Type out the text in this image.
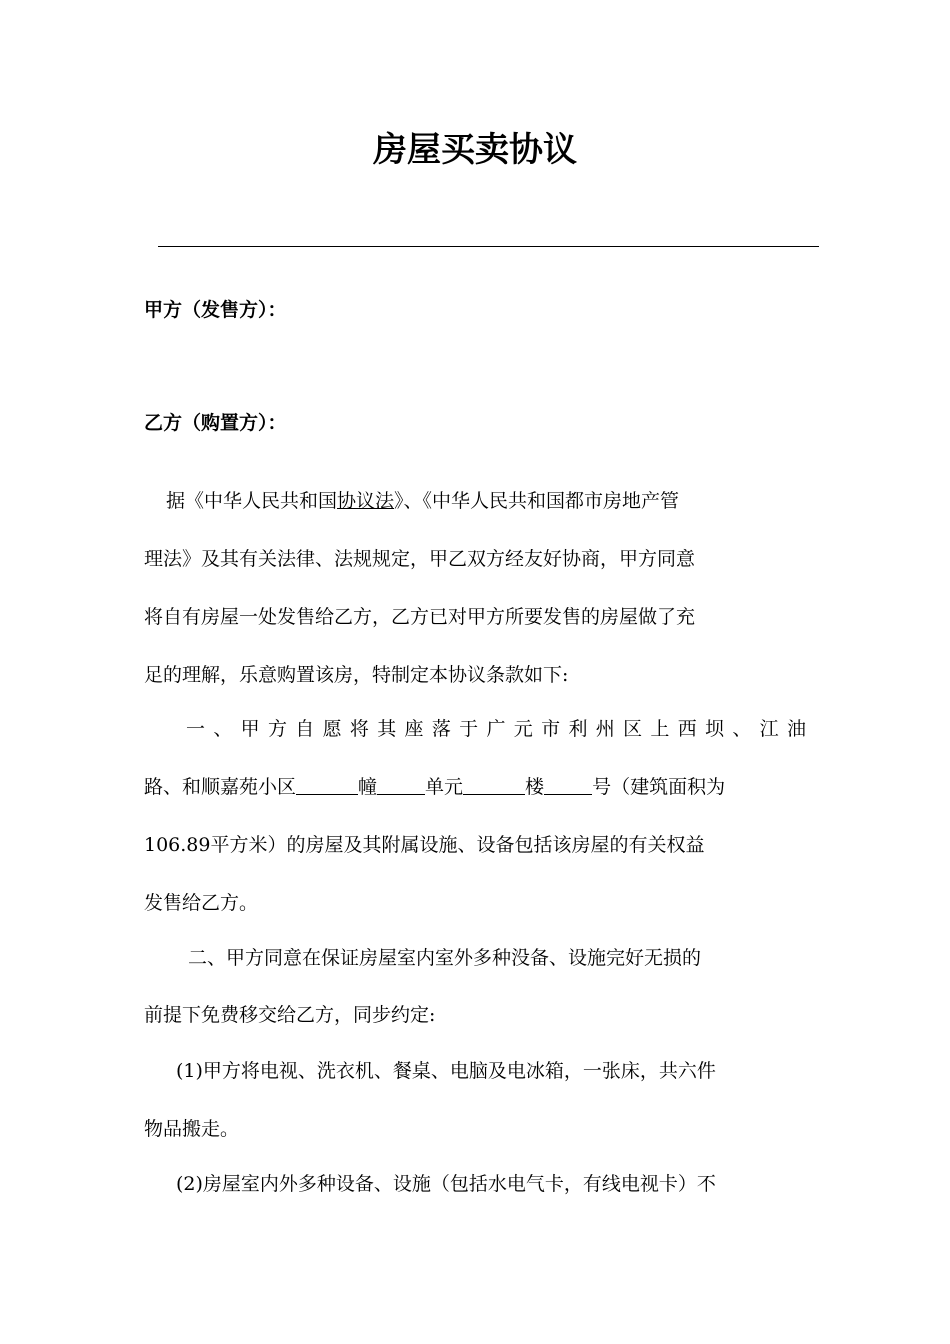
房屋买卖协议
甲方（发售方）：
乙方（购置方）：
据《中华人民共和国协议法》、《中华人民共和国都市房地产管
理法》及其有关法律、法规规定，甲乙双方经友好协商，甲方同意
将自有房屋一处发售给乙方，乙方已对甲方所要发售的房屋做了充
足的理解，乐意购置该房，特制定本协议条款如下:
一、甲方自愿将其座落于广元市利州区上西坝、江油
路、和顺嘉苑小区	幢	单元	楼	号（建筑面积为
106.89平方米）的房屋及其附属设施、设备包括该房屋的有关权益
发售给乙方。
二、甲方同意在保证房屋室内室外多种没备、设施完好无损的
前提下免费移交给乙方，同步约定:
(1)甲方将电视、洗衣机、餐桌、电脑及电冰箱，一张床，共六件
物品搬走。
(2)房屋室内外多种设备、设施（包括水电气卡，有线电视卡）不
